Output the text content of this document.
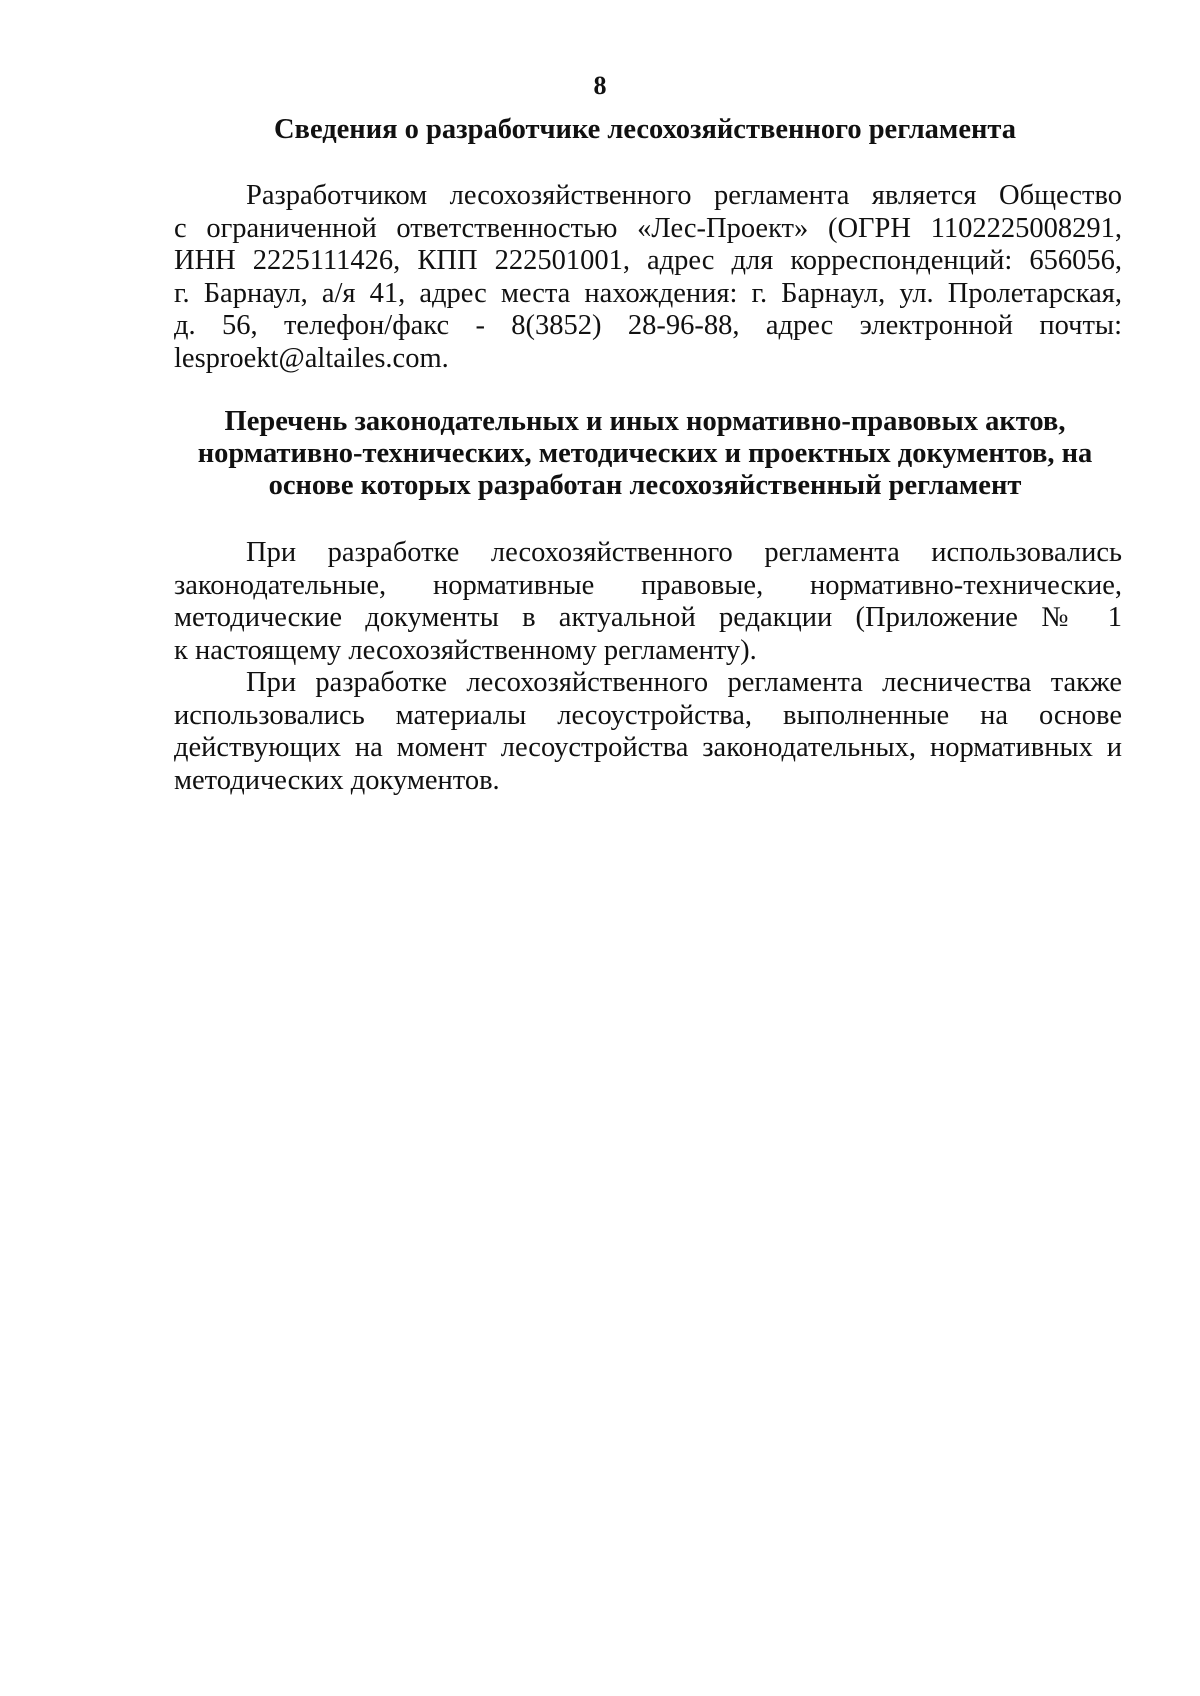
8
Сведения о разработчике лесохозяйственного регламента
Разработчиком лесохозяйственного регламента является Общество
с ограниченной ответственностью «Лес-Проект» (ОГРН 1102225008291,
ИНН 2225111426, КПП 222501001, адрес для корреспонденций: 656056,
г. Барнаул, а/я 41, адрес места нахождения: г. Барнаул, ул. Пролетарская,
д. 56, телефон/факс - 8(3852) 28-96-88, адрес электронной почты:
lesproekt@altailes.com.
Перечень законодательных и иных нормативно-правовых актов,
нормативно-технических, методических и проектных документов, на
основе которых разработан лесохозяйственный регламент
При разработке лесохозяйственного регламента использовались
законодательные, нормативные правовые, нормативно-технические,
методические документы в актуальной редакции (Приложение № 1
к настоящему лесохозяйственному регламенту).
При разработке лесохозяйственного регламента лесничества также
использовались материалы лесоустройства, выполненные на основе
действующих на момент лесоустройства законодательных, нормативных и
методических документов.
